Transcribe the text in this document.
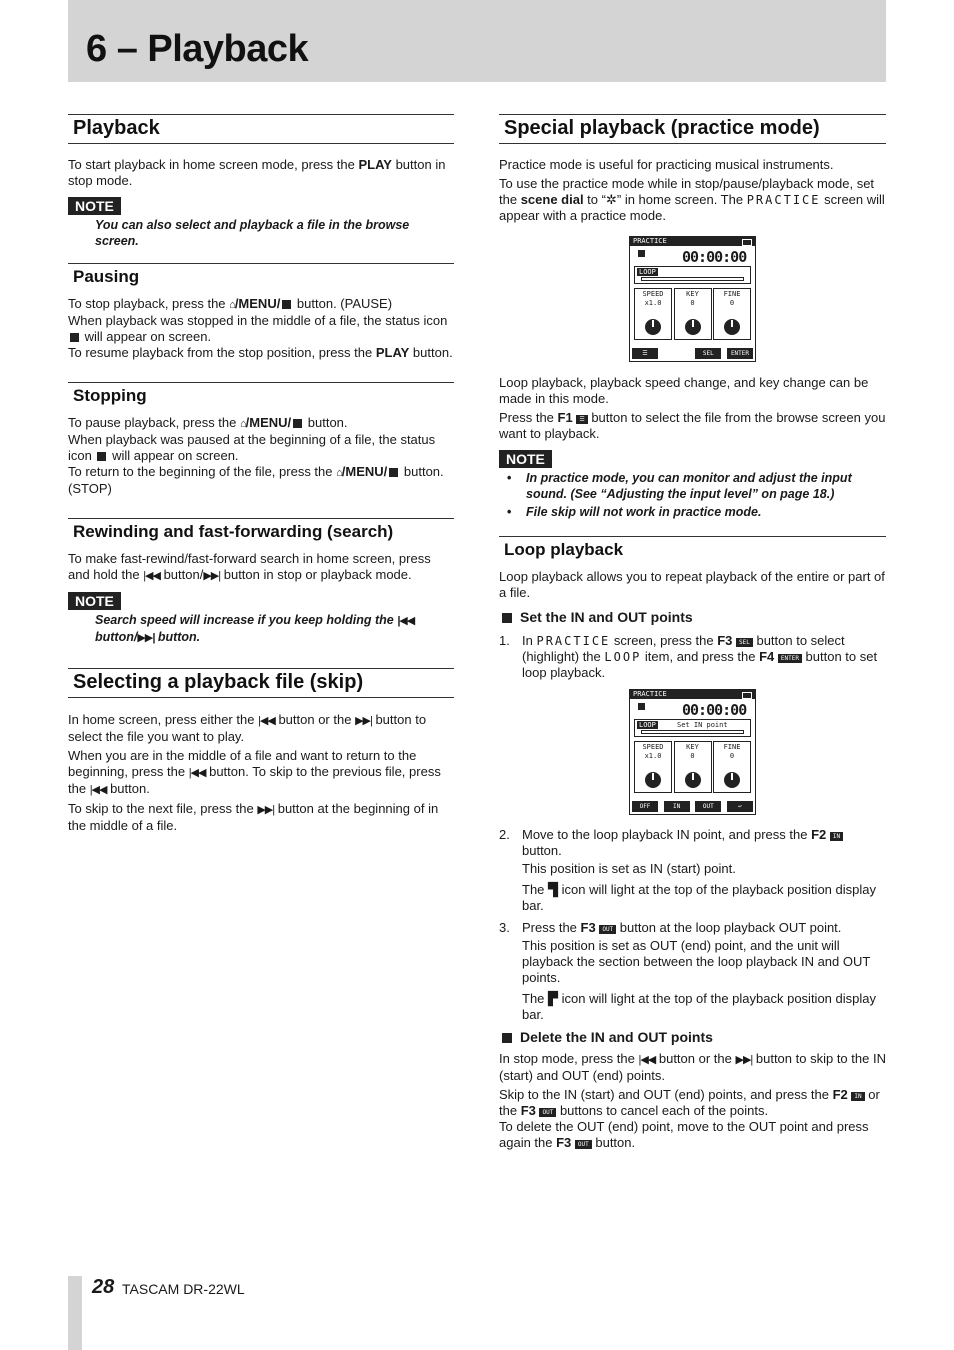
6 – Playback
Playback

To start playback in home screen mode, press the PLAY button in stop mode.

NOTE

You can also select and playback a file in the browse screen.

Pausing

To stop playback, press the ⌂/MENU/ button. (PAUSE)

When playback was stopped in the middle of a file, the status icon  will appear on screen.

To resume playback from the stop position, press the PLAY button.

Stopping

To pause playback, press the ⌂/MENU/ button.

When playback was paused at the beginning of a file, the status icon  will appear on screen.

To return to the beginning of the file, press the ⌂/MENU/ button. (STOP)

Rewinding and fast-forwarding (search)

To make fast-rewind/fast-forward search in home screen, press and hold the |◀◀ button/▶▶| button in stop or playback mode.

NOTE

Search speed will increase if you keep holding the |◀◀ button/▶▶| button.

Selecting a playback file (skip)

In home screen, press either the |◀◀ button or the ▶▶| button to select the file you want to play.

When you are in the middle of a file and want to return to the beginning, press the |◀◀ button. To skip to the previous file, press the |◀◀ button.

To skip to the next file, press the ▶▶| button at the beginning of in the middle of a file.

Special playback (practice mode)

Practice mode is useful for practicing musical instruments.

To use the practice mode while in stop/pause/playback mode, set the scene dial to “✲” in home screen. The PRACTICE screen will appear with a practice mode.

PRACTICE
00:00:00
LOOP
SPEED
x1.0
KEY
0
FINE
0
☰	SEL	ENTER

Loop playback, playback speed change, and key change can be made in this mode.

Press the F1 ☰ button to select the file from the browse screen you want to playback.

NOTE
• In practice mode, you can monitor and adjust the input sound. (See “Adjusting the input level” on page 18.)
• File skip will not work in practice mode.
Loop playback

Loop playback allows you to repeat playback of the entire or part of a file.

Set the IN and OUT points
1. In PRACTICE screen, press the F3 SEL button to select (highlight) the LOOP item, and press the F4 ENTER button to set loop playback.

PRACTICE
00:00:00
LOOP	Set IN point
SPEED
x1.0
KEY
0
FINE
0
OFF	IN	OUT	↩
2. Move to the loop playback IN point, and press the F2 IN button.

This position is set as IN (start) point.

The ▜ icon will light at the top of the playback position display bar.

3. Press the F3 OUT button at the loop playback OUT point.

This position is set as OUT (end) point, and the unit will playback the section between the loop playback IN and OUT points.

The ▛ icon will light at the top of the playback position display bar.

Delete the IN and OUT points

In stop mode, press the |◀◀ button or the ▶▶| button to skip to the IN (start) and OUT (end) points.

Skip to the IN (start) and OUT (end) points, and press the F2 IN or the F3 OUT buttons to cancel each of the points.

To delete the OUT (end) point, move to the OUT point and press again the F3 OUT button.

28 TASCAM DR-22WL
